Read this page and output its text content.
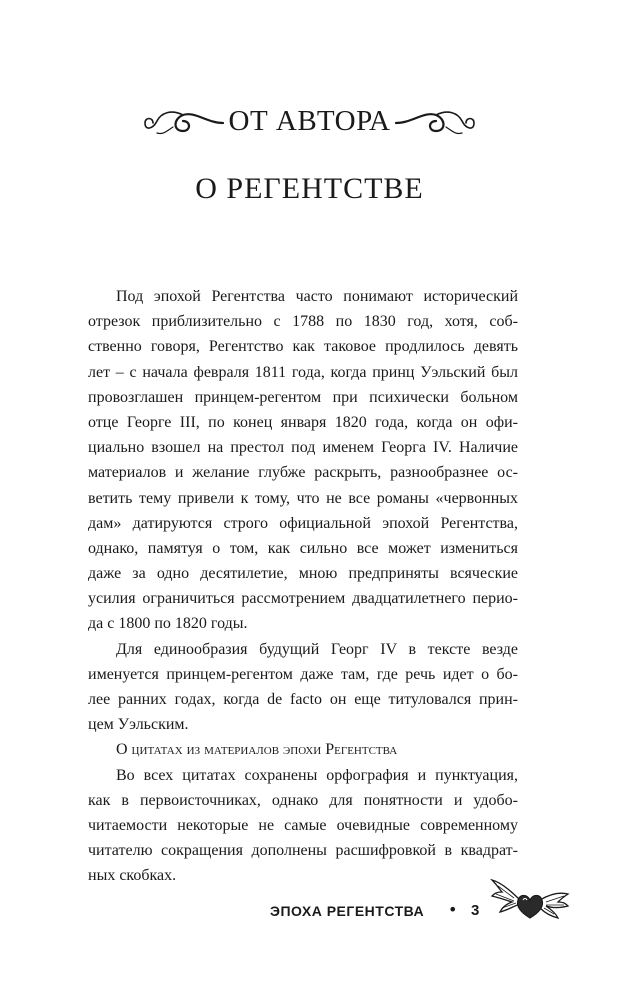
ОТ АВТОРА
О РЕГЕНТСТВЕ
Под эпохой Регентства часто понимают исторический
отрезок приблизительно с 1788 по 1830 год, хотя, соб-
ственно говоря, Регентство как таковое продлилось девять
лет – с начала февраля 1811 года, когда принц Уэльский был
провозглашен принцем-регентом при психически больном
отце Георге III, по конец января 1820 года, когда он офи-
циально взошел на престол под именем Георга IV. Наличие
материалов и желание глубже раскрыть, разнообразнее ос-
ветить тему привели к тому, что не все романы «червонных
дам» датируются строго официальной эпохой Регентства,
однако, памятуя о том, как сильно все может измениться
даже за одно десятилетие, мною предприняты всяческие
усилия ограничиться рассмотрением двадцатилетнего перио-
да с 1800 по 1820 годы.
Для единообразия будущий Георг IV в тексте везде
именуется принцем-регентом даже там, где речь идет о бо-
лее ранних годах, когда de facto он еще титуловался прин-
цем Уэльским.
О цитатах из материалов эпохи Регентства
Во всех цитатах сохранены орфография и пунктуация,
как в первоисточниках, однако для понятности и удобо-
читаемости некоторые не самые очевидные современному
читателю сокращения дополнены расшифровкой в квадрат-
ных скобках.
ЭПОХА РЕГЕНТСТВА • 3
